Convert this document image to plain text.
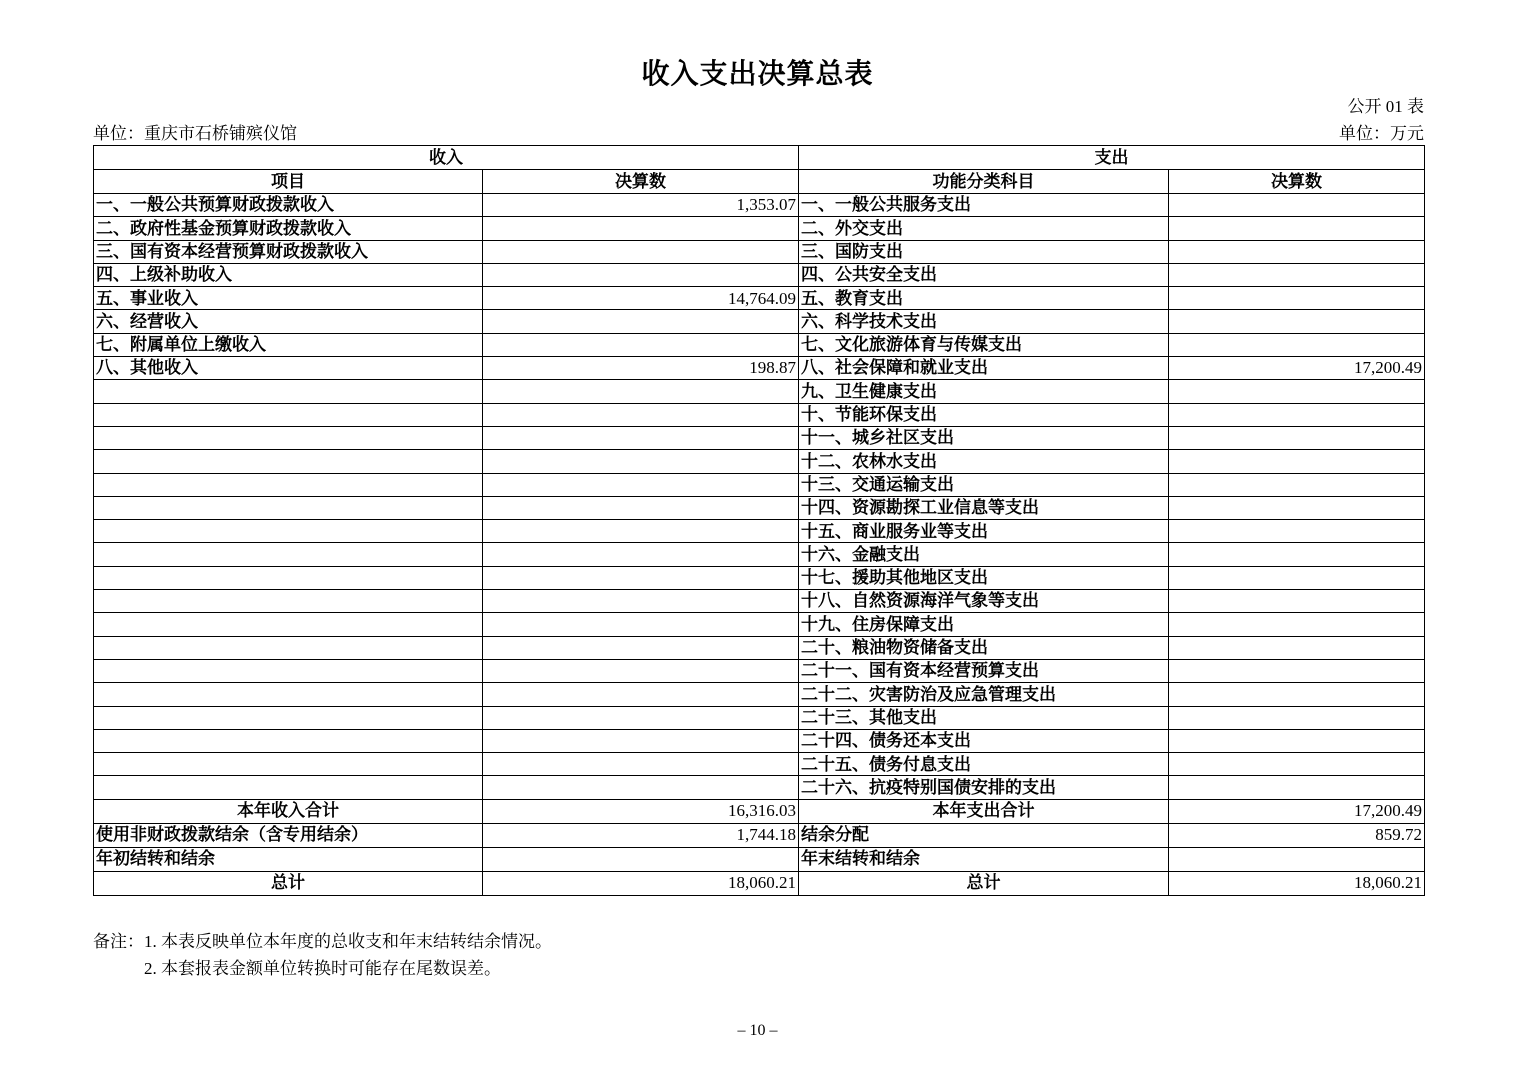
收入支出决算总表
公开 01 表
单位：重庆市石桥铺殡仪馆	单位：万元
收入		支出	
项目	决算数	功能分类科目	决算数
一、一般公共预算财政拨款收入	1,353.07	一、一般公共服务支出	
二、政府性基金预算财政拨款收入		二、外交支出	
三、国有资本经营预算财政拨款收入		三、国防支出	
四、上级补助收入		四、公共安全支出	
五、事业收入	14,764.09	五、教育支出	
六、经营收入		六、科学技术支出	
七、附属单位上缴收入		七、文化旅游体育与传媒支出	
八、其他收入	198.87	八、社会保障和就业支出	17,200.49
		九、卫生健康支出	
		十、节能环保支出	
		十一、城乡社区支出	
		十二、农林水支出	
		十三、交通运输支出	
		十四、资源勘探工业信息等支出	
		十五、商业服务业等支出	
		十六、金融支出	
		十七、援助其他地区支出	
		十八、自然资源海洋气象等支出	
		十九、住房保障支出	
		二十、粮油物资储备支出	
		二十一、国有资本经营预算支出	
		二十二、灾害防治及应急管理支出	
		二十三、其他支出	
		二十四、债务还本支出	
		二十五、债务付息支出	
		二十六、抗疫特别国债安排的支出	
本年收入合计	16,316.03	本年支出合计	17,200.49
使用非财政拨款结余（含专用结余）	1,744.18	结余分配	859.72
年初结转和结余		年末结转和结余	
总计	18,060.21	总计	18,060.21
备注：1. 本表反映单位本年度的总收支和年末结转结余情况。
2. 本套报表金额单位转换时可能存在尾数误差。
– 10 –
